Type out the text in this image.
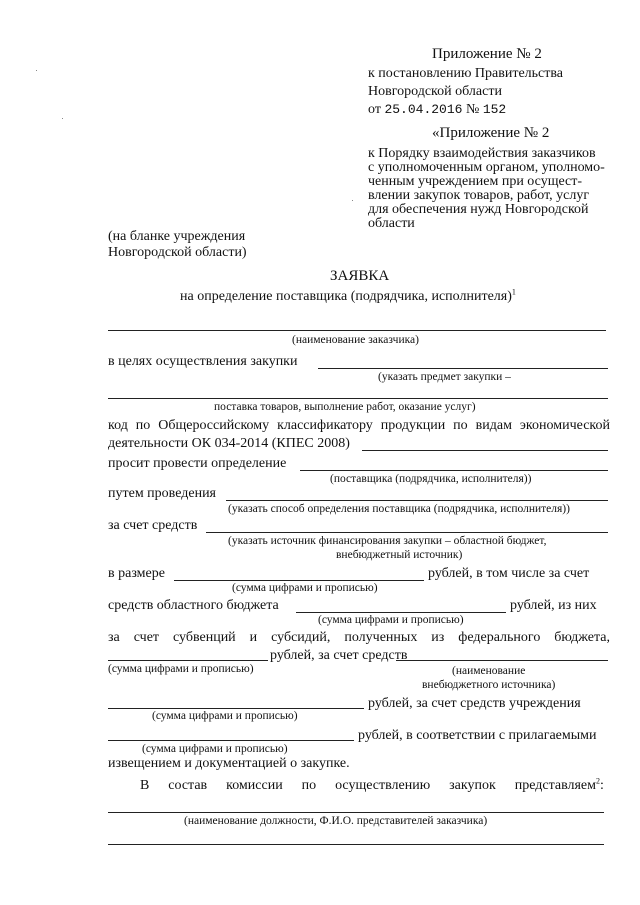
Приложение № 2
к постановлению Правительства
Новгородской области
от 25.04.2016 № 152
«Приложение № 2
к Порядку взаимодействия заказчиков
с уполномоченным органом, уполномо-
ченным учреждением при осущест-
влении закупок товаров, работ, услуг
для обеспечения нужд Новгородской
области
(на бланке учреждения
Новгородской области)
ЗАЯВКА
на определение поставщика (подрядчика, исполнителя)$^1$
(наименование заказчика)
в целях осуществления закупки
(указать предмет закупки –
поставка товаров, выполнение работ, оказание услуг)
код по Общероссийскому классификатору продукции по видам экономической
деятельности ОК 034-2014 (КПЕС 2008)
просит провести определение
(поставщика (подрядчика, исполнителя))
путем проведения
(указать способ определения поставщика (подрядчика, исполнителя))
за счет средств
(указать источник финансирования закупки – областной бюджет,
внебюджетный источник)
в размере	рублей, в том числе за счет
(сумма цифрами и прописью)
средств областного бюджета	рублей, из них
(сумма цифрами и прописью)
за счет субвенций и субсидий, полученных из федерального бюджета,
рублей, за счет средств
(сумма цифрами и прописью)	(наименование
внебюджетного источника)
рублей, за счет средств учреждения
(сумма цифрами и прописью)
рублей, в соответствии с прилагаемыми
(сумма цифрами и прописью)
извещением и документацией о закупке.
В состав комиссии по осуществлению закупок представляем$^2$:
(наименование должности, Ф.И.О. представителей заказчика)
